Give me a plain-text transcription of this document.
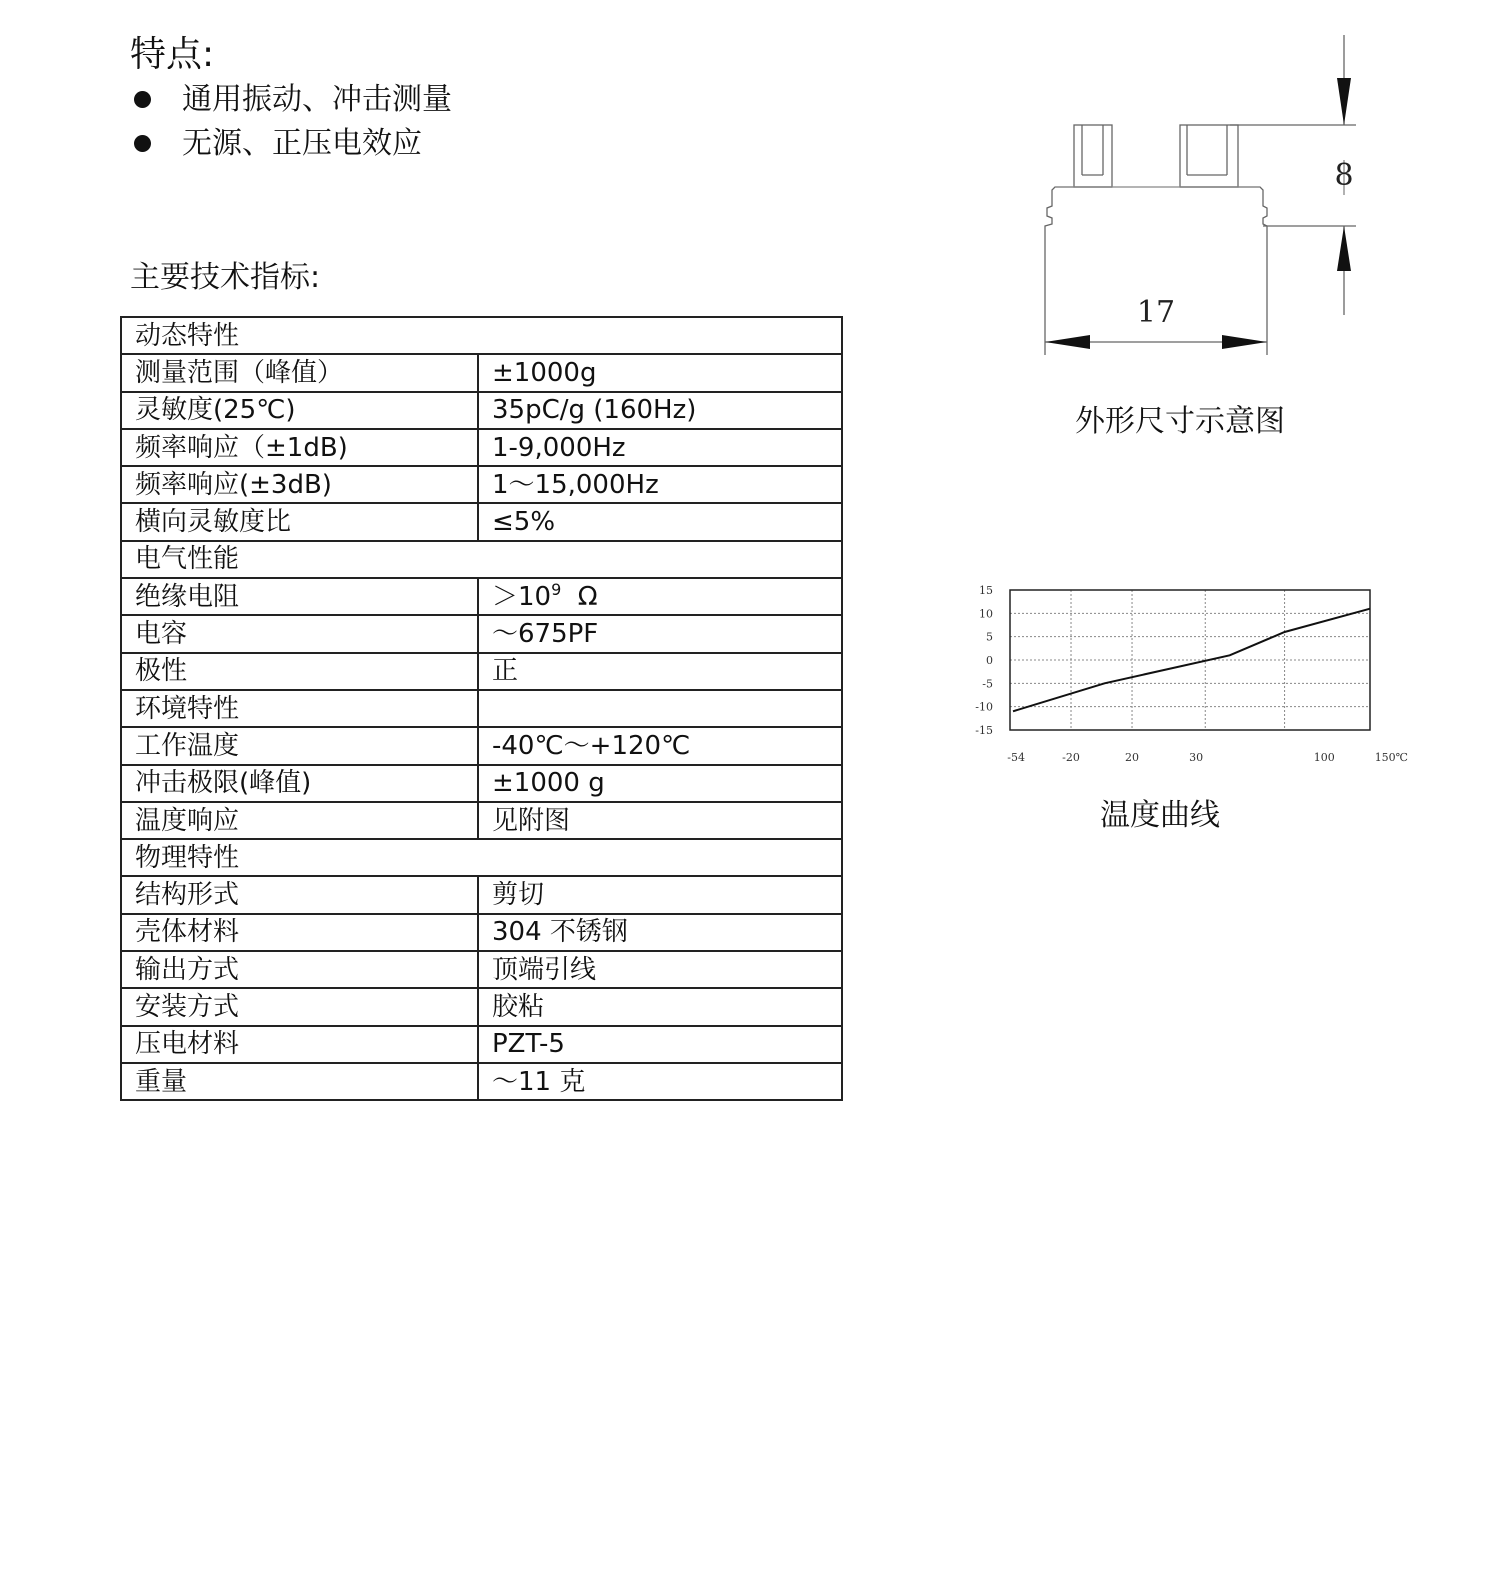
特点:
通用振动、冲击测量
无源、正压电效应
主要技术指标:
动态特性	
测量范围（峰值）	±1000g
灵敏度(25℃)	35pC/g (160Hz)
频率响应（±1dB)	1-9,000Hz
频率响应(±3dB)	1～15,000Hz
横向灵敏度比	≤5%
电气性能	
绝缘电阻	$>10^9$  Ω
电容	～675PF
极性	正
环境特性	
工作温度	-40℃～+120℃
冲击极限(峰值)	±1000 g
温度响应	见附图
物理特性	
结构形式	剪切
壳体材料	304 不锈钢
输出方式	顶端引线
安装方式	胶粘
压电材料	PZT-5
重量	～11 克
8
17
外形尺寸示意图
15
10
5
0
-5
-10
-15
-54	-20	20	30	100	150℃
温度曲线
